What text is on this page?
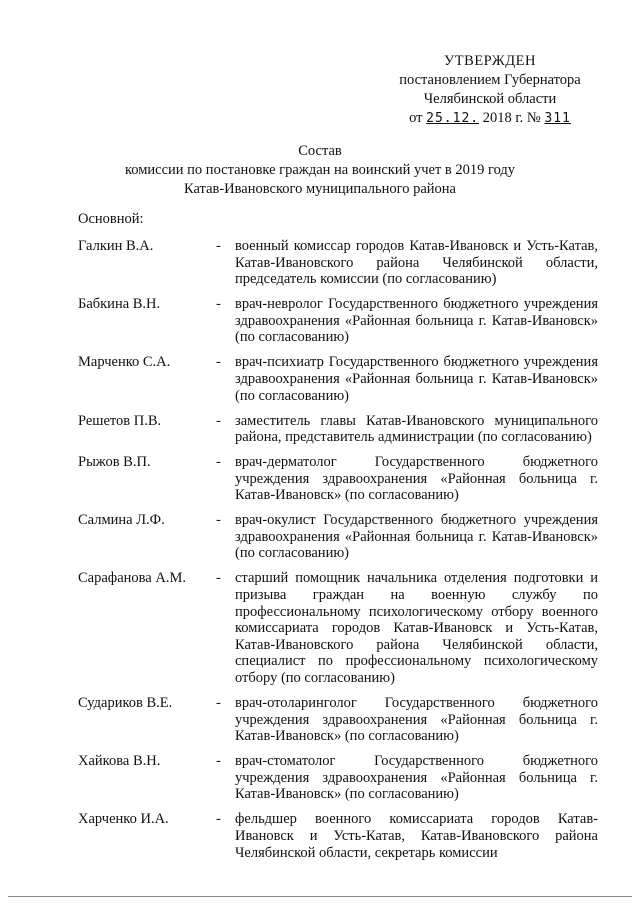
УТВЕРЖДЕН
постановлением Губернатора
Челябинской области
от 25.12. 2018 г. № 311
Состав
комиссии по постановке граждан на воинский учет в 2019 году
Катав-Ивановского муниципального района
Основной:
Галкин В.А.	- военный комиссар городов Катав-Ивановск и Усть-Катав, Катав-Ивановского района Челябинской области, председатель комиссии (по согласованию)
Бабкина В.Н.	- врач-невролог Государственного бюджетного учреждения здравоохранения «Районная больница г. Катав-Ивановск» (по согласованию)
Марченко С.А.	- врач-психиатр Государственного бюджетного учреждения здравоохранения «Районная больница г. Катав-Ивановск» (по согласованию)
Решетов П.В.	- заместитель главы Катав-Ивановского муниципального района, представитель администрации (по согласованию)
Рыжов В.П.	- врач-дерматолог Государственного бюджетного учреждения здравоохранения «Районная больница г. Катав-Ивановск» (по согласованию)
Салмина Л.Ф.	- врач-окулист Государственного бюджетного учреждения здравоохранения «Районная больница г. Катав-Ивановск» (по согласованию)
Сарафанова А.М.	- старший помощник начальника отделения подготовки и призыва граждан на военную службу по профессиональному психологическому отбору военного комиссариата городов Катав-Ивановск и Усть-Катав, Катав-Ивановского района Челябинской области, специалист по профессиональному психологическому отбору (по согласованию)
Судариков В.Е.	- врач-отоларинголог Государственного бюджетного учреждения здравоохранения «Районная больница г. Катав-Ивановск» (по согласованию)
Хайкова В.Н.	- врач-стоматолог Государственного бюджетного учреждения здравоохранения «Районная больница г. Катав-Ивановск» (по согласованию)
Харченко И.А.	- фельдшер военного комиссариата городов Катав-Ивановск и Усть-Катав, Катав-Ивановского района Челябинской области, секретарь комиссии
